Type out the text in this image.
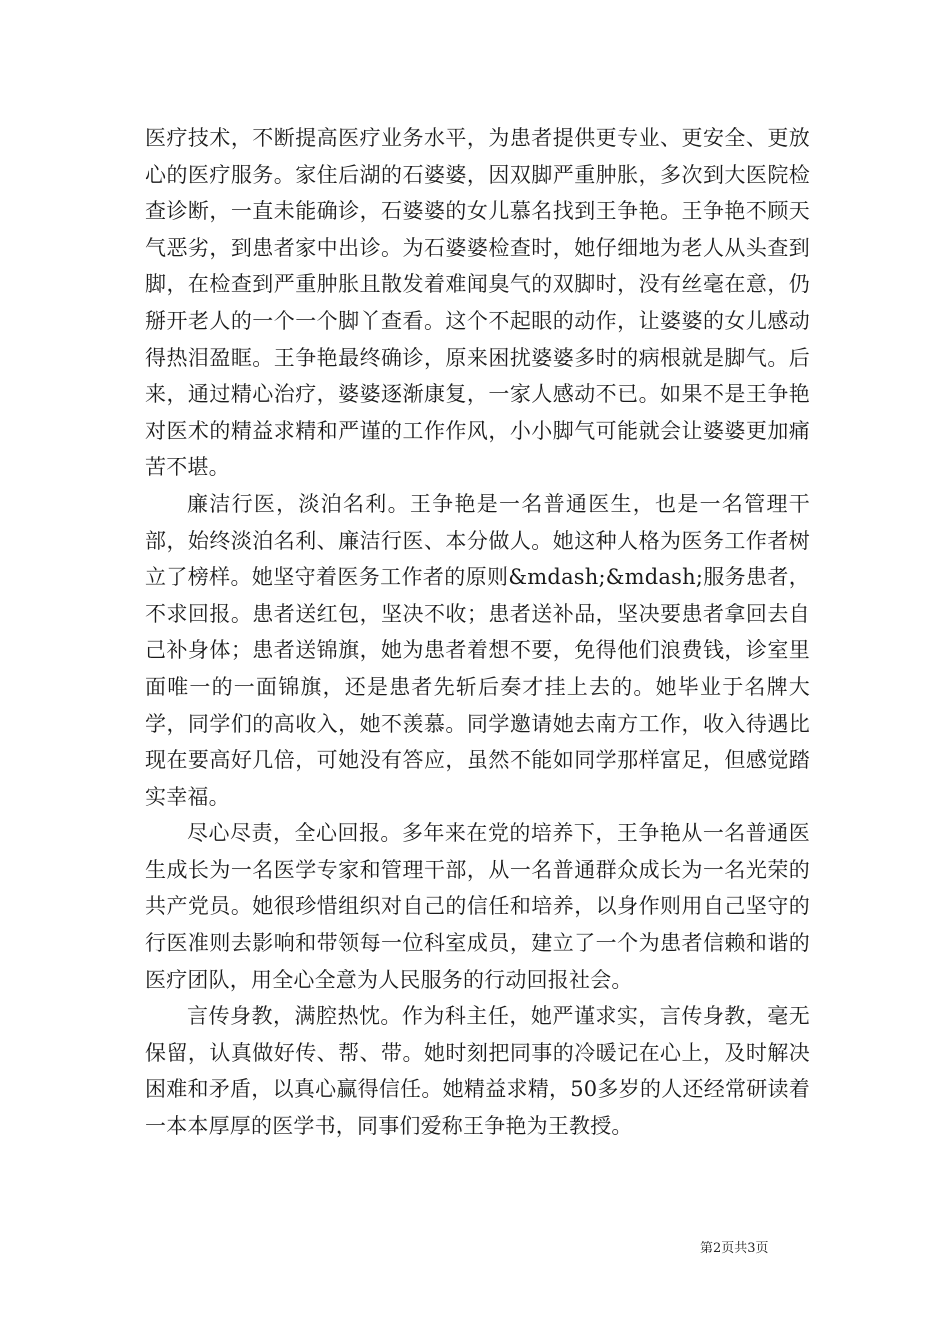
医疗技术，不断提高医疗业务水平，为患者提供更专业、更安全、更放心的医疗服务。家住后湖的石婆婆，因双脚严重肿胀，多次到大医院检查诊断，一直未能确诊，石婆婆的女儿慕名找到王争艳。王争艳不顾天气恶劣，到患者家中出诊。为石婆婆检查时，她仔细地为老人从头查到脚，在检查到严重肿胀且散发着难闻臭气的双脚时，没有丝毫在意，仍掰开老人的一个一个脚丫查看。这个不起眼的动作，让婆婆的女儿感动得热泪盈眶。王争艳最终确诊，原来困扰婆婆多时的病根就是脚气。后来，通过精心治疗，婆婆逐渐康复，一家人感动不已。如果不是王争艳对医术的精益求精和严谨的工作作风，小小脚气可能就会让婆婆更加痛苦不堪。

廉洁行医，淡泊名利。王争艳是一名普通医生，也是一名管理干部，始终淡泊名利、廉洁行医、本分做人。她这种人格为医务工作者树立了榜样。她坚守着医务工作者的原则&mdash;&mdash;服务患者，不求回报。患者送红包，坚决不收；患者送补品，坚决要患者拿回去自己补身体；患者送锦旗，她为患者着想不要，免得他们浪费钱，诊室里面唯一的一面锦旗，还是患者先斩后奏才挂上去的。她毕业于名牌大学，同学们的高收入，她不羡慕。同学邀请她去南方工作，收入待遇比现在要高好几倍，可她没有答应，虽然不能如同学那样富足，但感觉踏实幸福。

尽心尽责，全心回报。多年来在党的培养下，王争艳从一名普通医生成长为一名医学专家和管理干部，从一名普通群众成长为一名光荣的共产党员。她很珍惜组织对自己的信任和培养，以身作则用自己坚守的行医准则去影响和带领每一位科室成员，建立了一个为患者信赖和谐的医疗团队，用全心全意为人民服务的行动回报社会。

言传身教，满腔热忱。作为科主任，她严谨求实，言传身教，毫无保留，认真做好传、帮、带。她时刻把同事的冷暖记在心上，及时解决困难和矛盾，以真心赢得信任。她精益求精，50多岁的人还经常研读着一本本厚厚的医学书，同事们爱称王争艳为王教授。

第2页共3页
